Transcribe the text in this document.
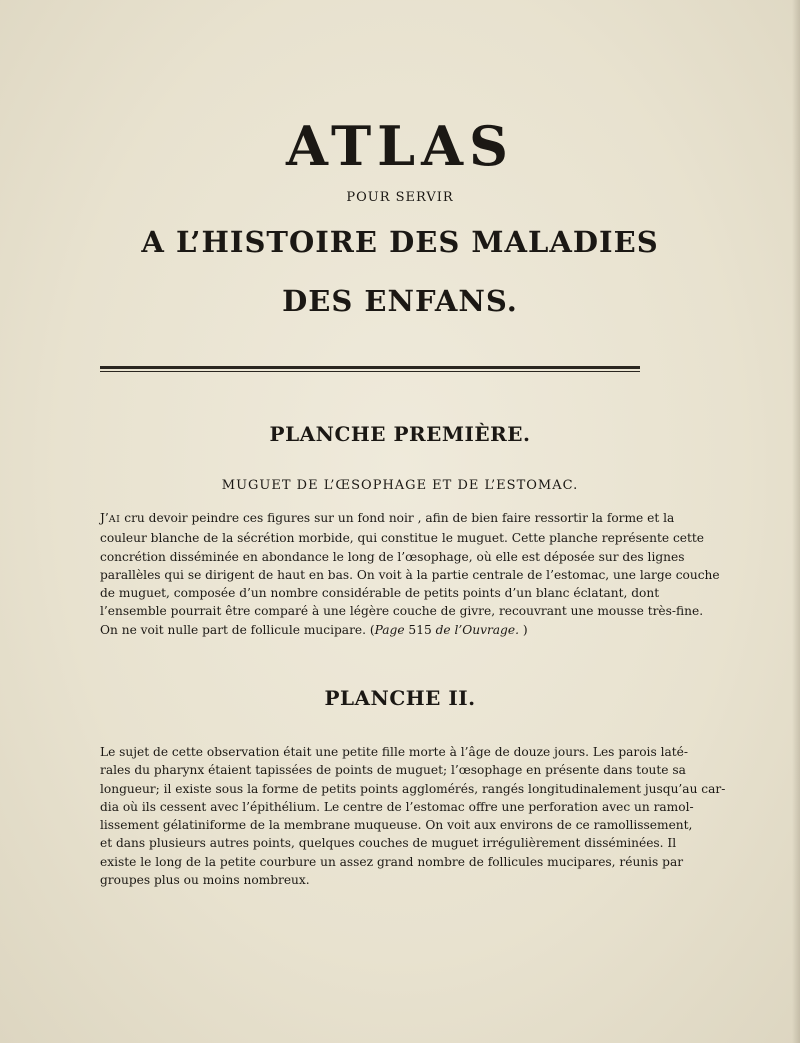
ATLAS
POUR SERVIR
A L’HISTOIRE DES MALADIES
DES ENFANS.
PLANCHE PREMIÈRE.
MUGUET DE L’ŒSOPHAGE ET DE L’ESTOMAC.
J’AI cru devoir peindre ces figures sur un fond noir , afin de bien faire ressortir la forme et la
couleur blanche de la sécrétion morbide, qui constitue le muguet. Cette planche représente cette
concrétion disséminée en abondance le long de l’œsophage, où elle est déposée sur des lignes
parallèles qui se dirigent de haut en bas. On voit à la partie centrale de l’estomac, une large couche
de muguet, composée d’un nombre considérable de petits points d’un blanc éclatant, dont
l’ensemble pourrait être comparé à une légère couche de givre, recouvrant une mousse très-fine.
On ne voit nulle part de follicule mucipare. (Page 515 de l’Ouvrage. )
PLANCHE II.
Le sujet de cette observation était une petite fille morte à l’âge de douze jours. Les parois laté-
rales du pharynx étaient tapissées de points de muguet; l’œsophage en présente dans toute sa
longueur; il existe sous la forme de petits points agglomérés, rangés longitudinalement jusqu’au car-
dia où ils cessent avec l’épithélium. Le centre de l’estomac offre une perforation avec un ramol-
lissement gélatiniforme de la membrane muqueuse. On voit aux environs de ce ramollissement,
et dans plusieurs autres points, quelques couches de muguet irrégulièrement disséminées. Il
existe le long de la petite courbure un assez grand nombre de follicules mucipares, réunis par
groupes plus ou moins nombreux.
